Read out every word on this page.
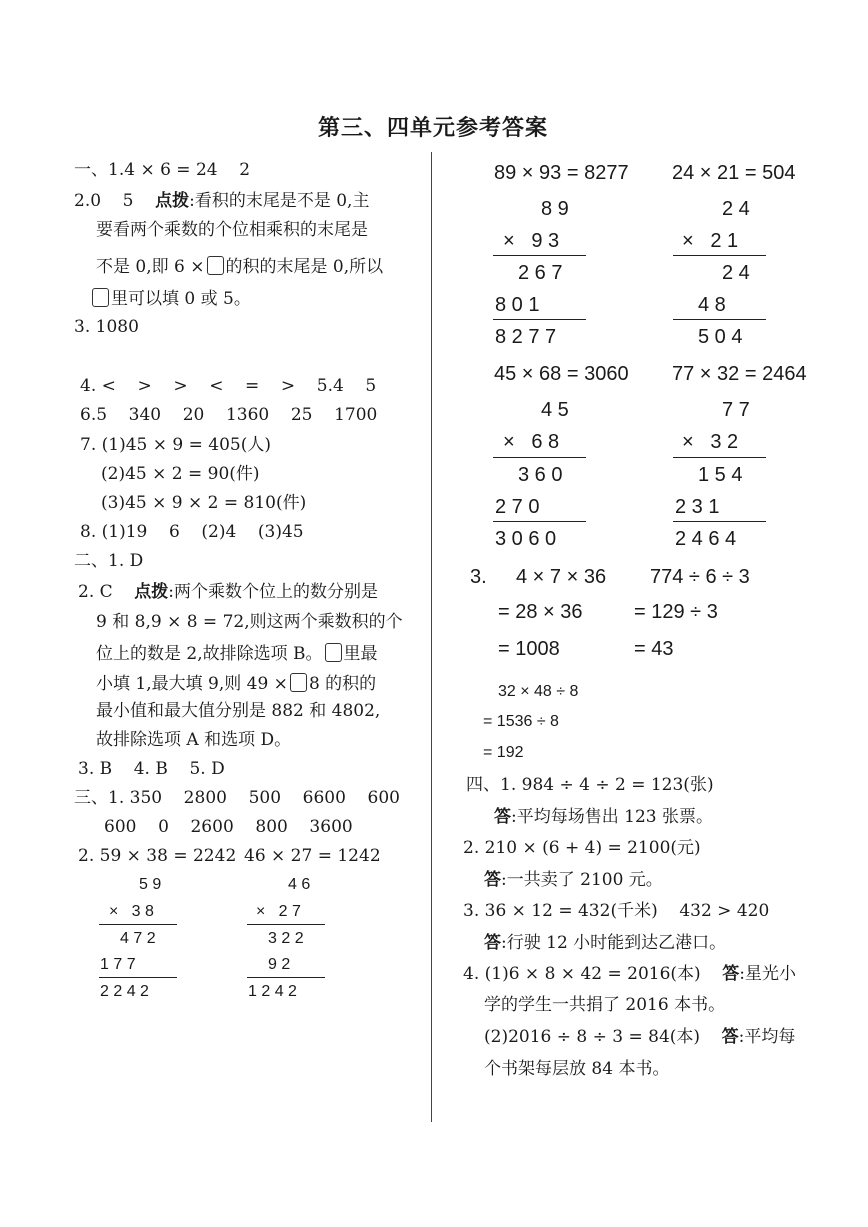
第三、四单元参考答案
一、1.4 × 6 = 24    2
2.0    5    点拨:看积的末尾是不是 0,主
要看两个乘数的个位相乘积的末尾是
不是 0,即 6 × 的积的末尾是 0,所以
里可以填 0 或 5。
3. 1080
4. <    >    >    <    =    >    5.4    5
6.5    340    20    1360    25    1700
7. (1)45 × 9 = 405(人)
(2)45 × 2 = 90(件)
(3)45 × 9 × 2 = 810(件)
8. (1)19    6    (2)4    (3)45
二、1. D
2. C    点拨:两个乘数个位上的数分别是
9 和 8,9 × 8 = 72,则这两个乘数积的个
位上的数是 2,故排除选项 B。 里最
小填 1,最大填 9,则 49 × 8 的积的
最小值和最大值分别是 882 和 4802,
故排除选项 A 和选项 D。
3. B    4. B    5. D
三、1. 350    2800    500    6600    600
600    0    2600    800    3600
2. 59 × 38 = 2242 46 × 27 = 1242
5 9
×   3 8
4 7 2
1 7 7
2 2 4 2
4 6
×   2 7
3 2 2
9 2
1 2 4 2
89 × 93 = 8277 24 × 21 = 504
8 9
×   9 3
2 6 7
8 0 1
8 2 7 7
2 4
×   2 1
2 4
4 8
5 0 4
45 × 68 = 3060 77 × 32 = 2464
4 5
×   6 8
3 6 0
2 7 0
3 0 6 0
7 7
×   3 2
1 5 4
2 3 1
2 4 6 4
3. 4 × 7 × 36
= 28 × 36
= 1008
774 ÷ 6 ÷ 3
= 129 ÷ 3
= 43
32 × 48 ÷ 8
= 1536 ÷ 8
= 192
四、1. 984 ÷ 4 ÷ 2 = 123(张)
答:平均每场售出 123 张票。
2. 210 × (6 + 4) = 2100(元)
答:一共卖了 2100 元。
3. 36 × 12 = 432(千米)    432 > 420
答:行驶 12 小时能到达乙港口。
4. (1)6 × 8 × 42 = 2016(本) 答:星光小
学的学生一共捐了 2016 本书。
(2)2016 ÷ 8 ÷ 3 = 84(本) 答:平均每
个书架每层放 84 本书。
